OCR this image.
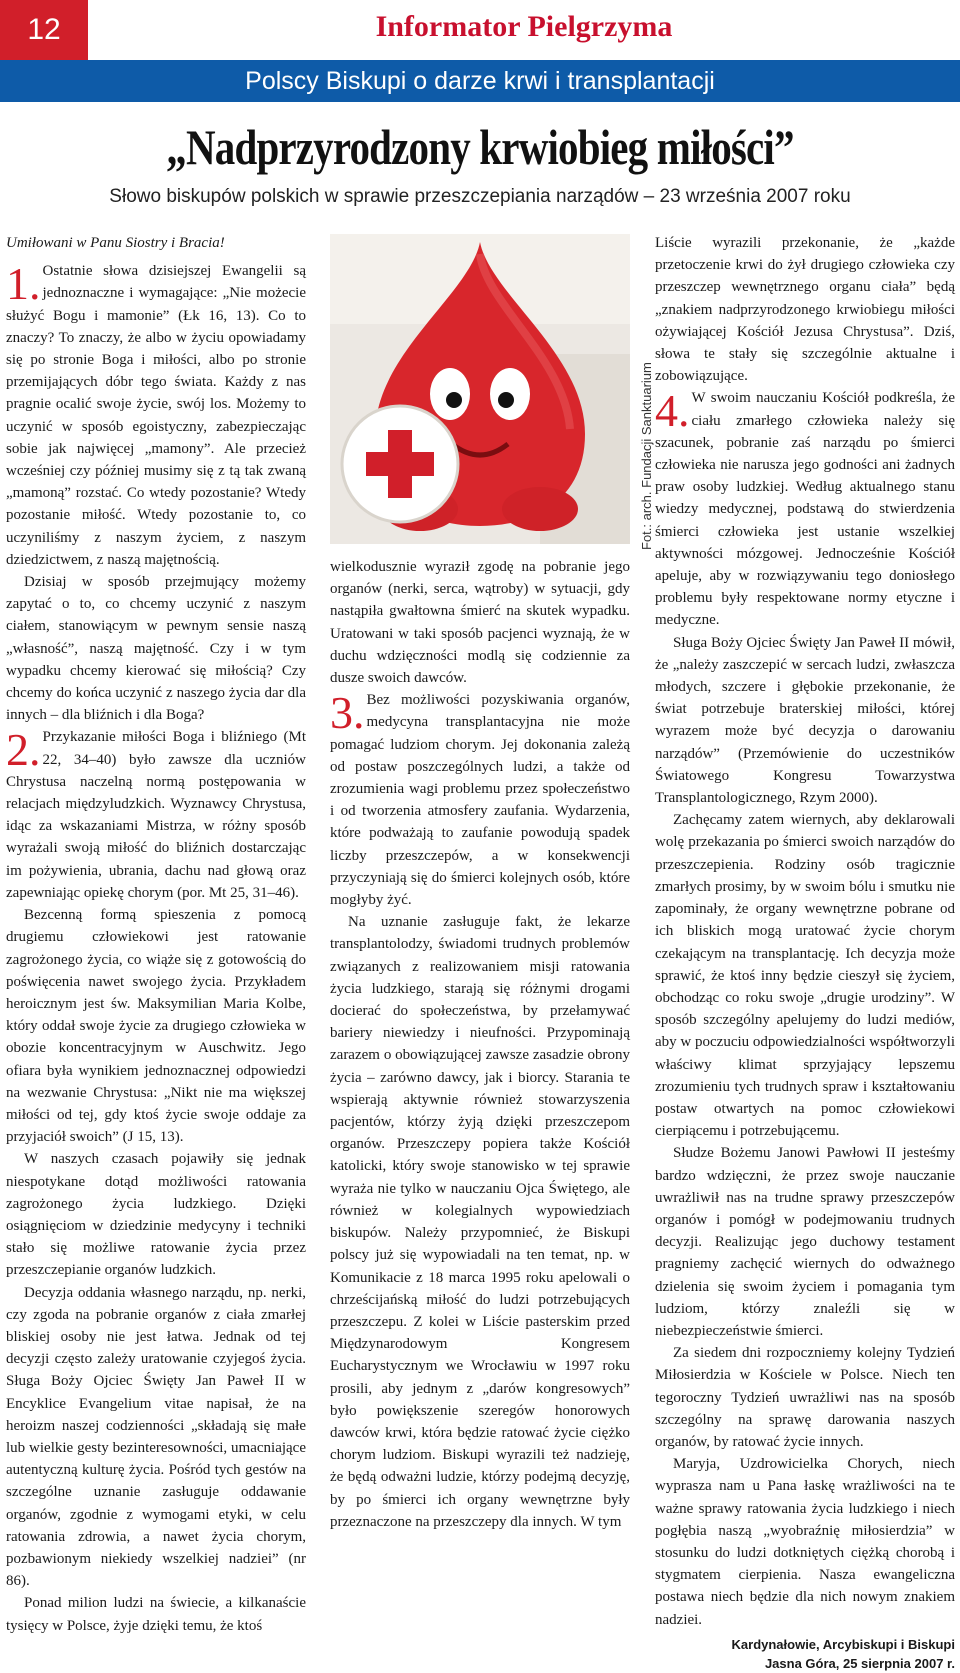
12	Informator Pielgrzyma
Polscy Biskupi o darze krwi i transplantacji
„Nadprzyrodzony krwiobieg miłości”
Słowo biskupów polskich w sprawie przeszczepiania narządów – 23 września 2007 roku

Umiłowani w Panu Siostry i Bracia!

1. Ostatnie słowa dzisiejszej Ewangelii są jednoznaczne i wymagające: „Nie możecie służyć Bogu i mamonie” (Łk 16, 13). Co to znaczy? To znaczy, że albo w życiu opowiadamy się po stronie Boga i miłości, albo po stronie przemijających dóbr tego świata. Każdy z nas pragnie ocalić swoje życie, swój los. Możemy to uczynić w sposób egoistyczny, zabezpieczając sobie jak najwięcej „mamony”. Ale przecież wcześniej czy później musimy się z tą tak zwaną „mamoną” rozstać. Co wtedy pozostanie? Wtedy pozostanie miłość. Wtedy pozostanie to, co uczyniliśmy z naszym życiem, z naszym dziedzictwem, z naszą majętnością.

Dzisiaj w sposób przejmujący możemy zapytać o to, co chcemy uczynić z naszym ciałem, stanowiącym w pewnym sensie naszą „własność”, naszą majętność. Czy i w tym wypadku chcemy kierować się miłością? Czy chcemy do końca uczynić z naszego życia dar dla innych – dla bliźnich i dla Boga?

2. Przykazanie miłości Boga i bliźniego (Mt 22, 34–40) było zawsze dla uczniów Chrystusa naczelną normą postępowania w relacjach międzyludzkich. Wyznawcy Chrystusa, idąc za wskazaniami Mistrza, w różny sposób wyrażali swoją miłość do bliźnich dostarczając im pożywienia, ubrania, dachu nad głową oraz zapewniając opiekę chorym (por. Mt 25, 31–46).

Bezcenną formą spieszenia z pomocą drugiemu człowiekowi jest ratowanie zagrożonego życia, co wiąże się z gotowością do poświęcenia nawet swojego życia. Przykładem heroicznym jest św. Maksymilian Maria Kolbe, który oddał swoje życie za drugiego człowieka w obozie koncentracyjnym w Auschwitz. Jego ofiara była wynikiem jednoznacznej odpowiedzi na wezwanie Chrystusa: „Nikt nie ma większej miłości od tej, gdy ktoś życie swoje oddaje za przyjaciół swoich” (J 15, 13).

W naszych czasach pojawiły się jednak niespotykane dotąd możliwości ratowania zagrożonego życia ludzkiego. Dzięki osiągnięciom w dziedzinie medycyny i techniki stało się możliwe ratowanie życia przez przeszczepianie organów ludzkich.

Decyzja oddania własnego narządu, np. nerki, czy zgoda na pobranie organów z ciała zmarłej bliskiej osoby nie jest łatwa. Jednak od tej decyzji często zależy uratowanie czyjegoś życia. Sługa Boży Ojciec Święty Jan Paweł II w Encyklice Evangelium vitae napisał, że na heroizm naszej codzienności „składają się małe lub wielkie gesty bezinteresowności, umacniające autentyczną kulturę życia. Pośród tych gestów na szczególne uznanie zasługuje oddawanie organów, zgodnie z wymogami etyki, w celu ratowania zdrowia, a nawet życia chorym, pozbawionym niekiedy wszelkiej nadziei” (nr 86).

Ponad milion ludzi na świecie, a kilkanaście tysięcy w Polsce, żyje dzięki temu, że ktoś

Fot.: arch. Fundacji Sanktuarium

wielkodusznie wyraził zgodę na pobranie jego organów (nerki, serca, wątroby) w sytuacji, gdy nastąpiła gwałtowna śmierć na skutek wypadku. Uratowani w taki sposób pacjenci wyznają, że w duchu wdzięczności modlą się codziennie za dusze swoich dawców.

3. Bez możliwości pozyskiwania organów, medycyna transplantacyjna nie może pomagać ludziom chorym. Jej dokonania zależą od postaw poszczególnych ludzi, a także od zrozumienia wagi problemu przez społeczeństwo i od tworzenia atmosfery zaufania. Wydarzenia, które podważają to zaufanie powodują spadek liczby przeszczepów, a w konsekwencji przyczyniają się do śmierci kolejnych osób, które mogłyby żyć.

Na uznanie zasługuje fakt, że lekarze transplantolodzy, świadomi trudnych problemów związanych z realizowaniem misji ratowania życia ludzkiego, starają się różnymi drogami docierać do społeczeństwa, by przełamywać bariery niewiedzy i nieufności. Przypominają zarazem o obowiązującej zawsze zasadzie obrony życia – zarówno dawcy, jak i biorcy. Starania te wspierają aktywnie również stowarzyszenia pacjentów, którzy żyją dzięki przeszczepom organów. Przeszczepy popiera także Kościół katolicki, który swoje stanowisko w tej sprawie wyraża nie tylko w nauczaniu Ojca Świętego, ale również w kolegialnych wypowiedziach biskupów. Należy przypomnieć, że Biskupi polscy już się wypowiadali na ten temat, np. w Komunikacie z 18 marca 1995 roku apelowali o chrześcijańską miłość do ludzi potrzebujących przeszczepu. Z kolei w Liście pasterskim przed Międzynarodowym Kongresem Eucharystycznym we Wrocławiu w 1997 roku prosili, aby jednym z „darów kongresowych” było powiększenie szeregów honorowych dawców krwi, która będzie ratować życie ciężko chorym ludziom. Biskupi wyrazili też nadzieję, że będą odważni ludzie, którzy podejmą decyzję, by po śmierci ich organy wewnętrzne były przeznaczone na przeszczepy dla innych. W tym

Liście wyrazili przekonanie, że „każde przetoczenie krwi do żył drugiego człowieka czy przeszczep wewnętrznego organu ciała” będą „znakiem nadprzyrodzonego krwiobiegu miłości ożywiającej Kościół Jezusa Chrystusa”. Dziś, słowa te stały się szczególnie aktualne i zobowiązujące.

4. W swoim nauczaniu Kościół podkreśla, że ciału zmarłego człowieka należy się szacunek, pobranie zaś narządu po śmierci człowieka nie narusza jego godności ani żadnych praw osoby ludzkiej. Według aktualnego stanu wiedzy medycznej, podstawą do stwierdzenia śmierci człowieka jest ustanie wszelkiej aktywności mózgowej. Jednocześnie Kościół apeluje, aby w rozwiązywaniu tego doniosłego problemu były respektowane normy etyczne i medyczne.

Sługa Boży Ojciec Święty Jan Paweł II mówił, że „należy zaszczepić w sercach ludzi, zwłaszcza młodych, szczere i głębokie przekonanie, że świat potrzebuje braterskiej miłości, której wyrazem może być decyzja o darowaniu narządów” (Przemówienie do uczestników Światowego Kongresu Towarzystwa Transplantologicznego, Rzym 2000).

Zachęcamy zatem wiernych, aby deklarowali wolę przekazania po śmierci swoich narządów do przeszczepienia. Rodziny osób tragicznie zmarłych prosimy, by w swoim bólu i smutku nie zapominały, że organy wewnętrzne pobrane od ich bliskich mogą uratować życie chorym czekającym na transplantację. Ich decyzja może sprawić, że ktoś inny będzie cieszył się życiem, obchodząc co roku swoje „drugie urodziny”. W sposób szczególny apelujemy do ludzi mediów, aby w poczuciu odpowiedzialności współtworzyli właściwy klimat sprzyjający lepszemu zrozumieniu tych trudnych spraw i kształtowaniu postaw otwartych na pomoc człowiekowi cierpiącemu i potrzebującemu.

Słudze Bożemu Janowi Pawłowi II jesteśmy bardzo wdzięczni, że przez swoje nauczanie uwrażliwił nas na trudne sprawy przeszczepów organów i pomógł w podejmowaniu trudnych decyzji. Realizując jego duchowy testament pragniemy zachęcić wiernych do odważnego dzielenia się swoim życiem i pomagania tym ludziom, którzy znaleźli się w niebezpieczeństwie śmierci.

Za siedem dni rozpoczniemy kolejny Tydzień Miłosierdzia w Kościele w Polsce. Niech ten tegoroczny Tydzień uwrażliwi nas na sposób szczególny na sprawę darowania naszych organów, by ratować życie innych.

Maryja, Uzdrowicielka Chorych, niech wyprasza nam u Pana łaskę wrażliwości na te ważne sprawy ratowania życia ludzkiego i niech pogłębia naszą „wyobraźnię miłosierdzia” w stosunku do ludzi dotkniętych ciężką chorobą i stygmatem cierpienia. Nasza ewangeliczna postawa niech będzie dla nich nowym znakiem nadziei.

Kardynałowie, Arcybiskupi i Biskupi
Jasna Góra, 25 sierpnia 2007 r.
